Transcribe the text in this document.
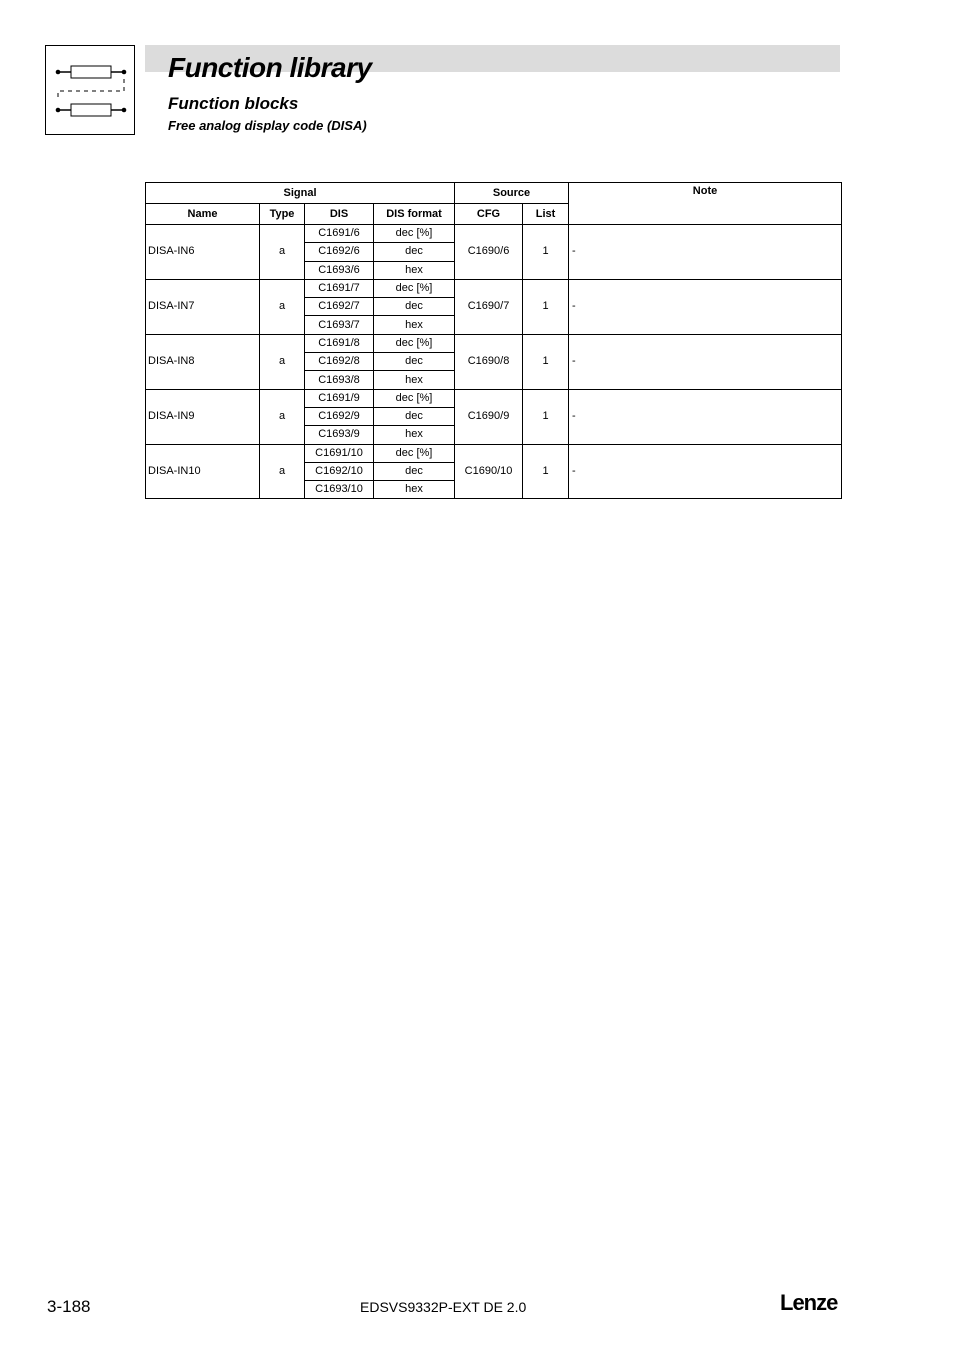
Function library
Function blocks
Free analog display code (DISA)
Signal				Source		Note
Name	Type	DIS	DIS format	CFG	List	
DISA-IN6	a	C1691/6	dec [%]	C1690/6	1	-
		C1692/6	dec			
		C1693/6	hex			
DISA-IN7	a	C1691/7	dec [%]	C1690/7	1	-
		C1692/7	dec			
		C1693/7	hex			
DISA-IN8	a	C1691/8	dec [%]	C1690/8	1	-
		C1692/8	dec			
		C1693/8	hex			
DISA-IN9	a	C1691/9	dec [%]	C1690/9	1	-
		C1692/9	dec			
		C1693/9	hex			
DISA-IN10	a	C1691/10	dec [%]	C1690/10	1	-
		C1692/10	dec			
		C1693/10	hex			
3-188	EDSVS9332P-EXT DE 2.0	Lenze
